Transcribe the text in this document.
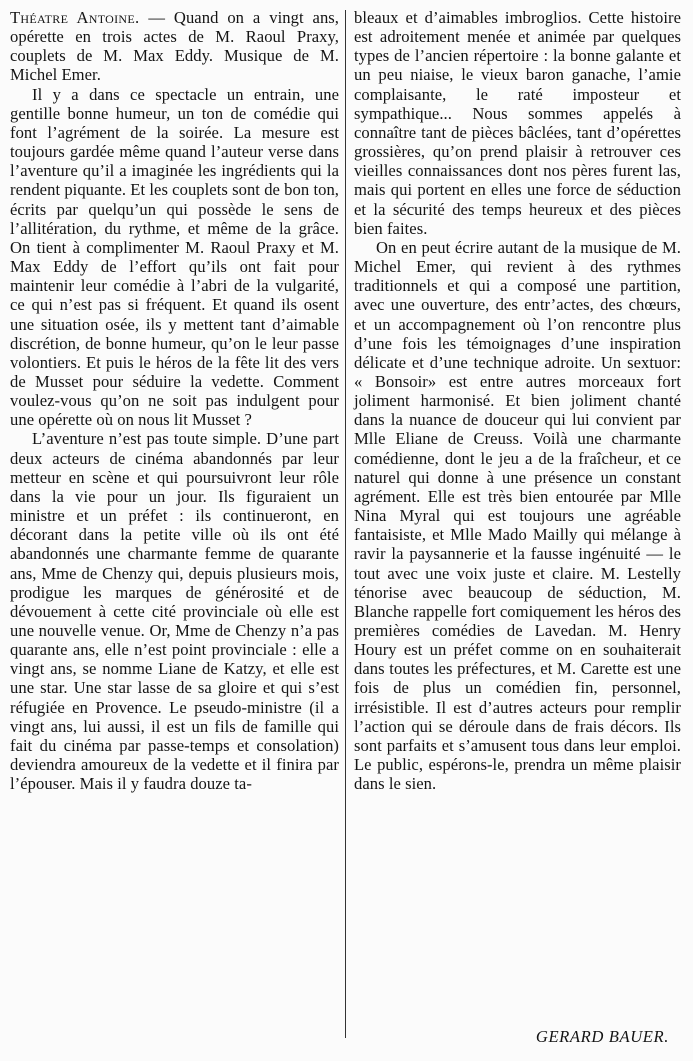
Théatre Antoine. — Quand on a vingt ans, opérette en trois actes de M. Raoul Praxy, couplets de M. Max Eddy. Musique de M. Michel Emer.

Il y a dans ce spectacle un entrain, une gentille bonne humeur, un ton de comédie qui font l’agrément de la soirée. La mesure est toujours gardée même quand l’auteur verse dans l’aventure qu’il a imaginée les ingrédients qui la rendent piquante. Et les couplets sont de bon ton, écrits par quelqu’un qui possède le sens de l’allitération, du rythme, et même de la grâce. On tient à complimenter M. Raoul Praxy et M. Max Eddy de l’effort qu’ils ont fait pour maintenir leur comédie à l’abri de la vulgarité, ce qui n’est pas si fréquent. Et quand ils osent une situation osée, ils y mettent tant d’aimable discrétion, de bonne humeur, qu’on le leur passe volontiers. Et puis le héros de la fête lit des vers de Musset pour séduire la vedette. Comment voulez-vous qu’on ne soit pas indulgent pour une opérette où on nous lit Musset ?

L’aventure n’est pas toute simple. D’une part deux acteurs de cinéma abandonnés par leur metteur en scène et qui poursuivront leur rôle dans la vie pour un jour. Ils figuraient un ministre et un préfet : ils continueront, en décorant dans la petite ville où ils ont été abandonnés une charmante femme de quarante ans, Mme de Chenzy qui, depuis plusieurs mois, prodigue les marques de générosité et de dévouement à cette cité provinciale où elle est une nouvelle venue. Or, Mme de Chenzy n’a pas quarante ans, elle n’est point provinciale : elle a vingt ans, se nomme Liane de Katzy, et elle est une star. Une star lasse de sa gloire et qui s’est réfugiée en Provence. Le pseudo-ministre (il a vingt ans, lui aussi, il est un fils de famille qui fait du cinéma par passe-temps et consolation) deviendra amoureux de la vedette et il finira par l’épouser. Mais il y faudra douze ta-

bleaux et d’aimables imbroglios. Cette histoire est adroitement menée et animée par quelques types de l’ancien répertoire : la bonne galante et un peu niaise, le vieux baron ganache, l’amie complaisante, le raté imposteur et sympathique... Nous sommes appelés à connaître tant de pièces bâclées, tant d’opérettes grossières, qu’on prend plaisir à retrouver ces vieilles connaissances dont nos pères furent las, mais qui portent en elles une force de séduction et la sécurité des temps heureux et des pièces bien faites.

On en peut écrire autant de la musique de M. Michel Emer, qui revient à des rythmes traditionnels et qui a composé une partition, avec une ouverture, des entr’actes, des chœurs, et un accompagnement où l’on rencontre plus d’une fois les témoignages d’une inspiration délicate et d’une technique adroite. Un sextuor: « Bonsoir» est entre autres morceaux fort joliment harmonisé. Et bien joliment chanté dans la nuance de douceur qui lui convient par Mlle Eliane de Creuss. Voilà une charmante comédienne, dont le jeu a de la fraîcheur, et ce naturel qui donne à une présence un constant agrément. Elle est très bien entourée par Mlle Nina Myral qui est toujours une agréable fantaisiste, et Mlle Mado Mailly qui mélange à ravir la paysannerie et la fausse ingénuité — le tout avec une voix juste et claire. M. Lestelly ténorise avec beaucoup de séduction, M. Blanche rappelle fort comiquement les héros des premières comédies de Lavedan. M. Henry Houry est un préfet comme on en souhaiterait dans toutes les préfectures, et M. Carette est une fois de plus un comédien fin, personnel, irrésistible. Il est d’autres acteurs pour remplir l’action qui se déroule dans de frais décors. Ils sont parfaits et s’amusent tous dans leur emploi. Le public, espérons-le, prendra un même plaisir dans le sien.

GERARD BAUER.
